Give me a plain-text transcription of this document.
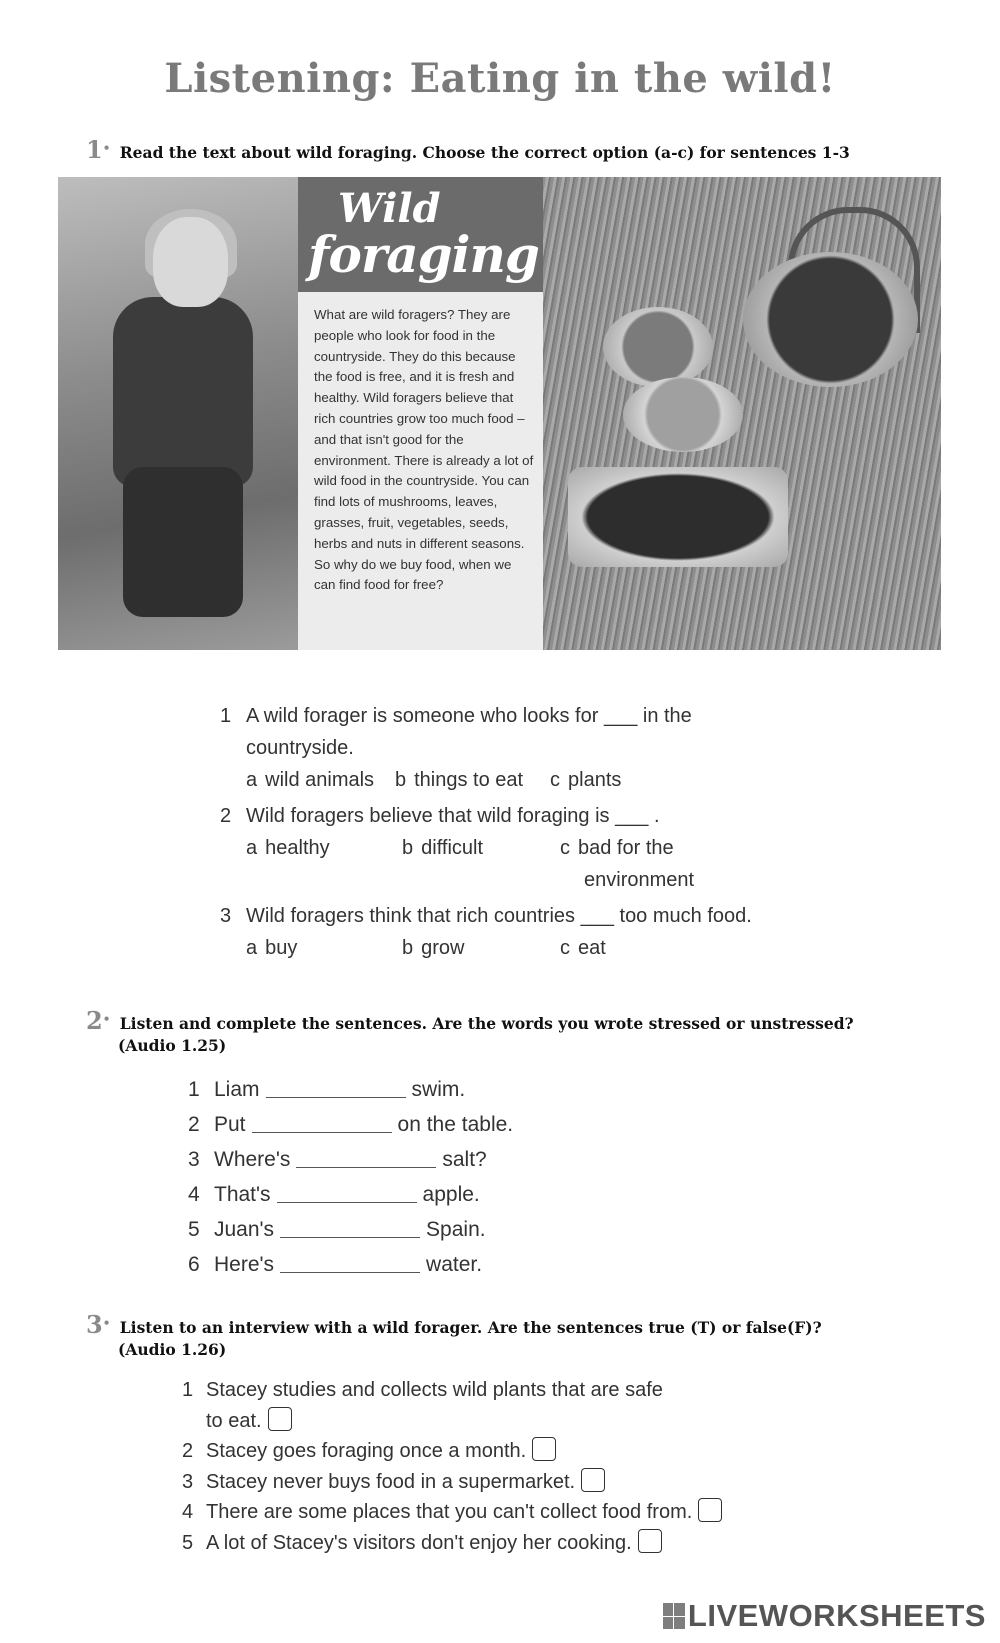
Listening: Eating in the wild!
1 • Read the text about wild foraging. Choose the correct option (a-c) for sentences 1-3
Wild
foraging
What are wild foragers? They are people who look for food in the countryside. They do this because the food is free, and it is fresh and healthy. Wild foragers believe that rich countries grow too much food – and that isn't good for the environment. There is already a lot of wild food in the countryside. You can find lots of mushrooms, leaves, grasses, fruit, vegetables, seeds, herbs and nuts in different seasons. So why do we buy food, when we can find food for free?
1 A wild forager is someone who looks for ___ in the
countryside.
a wild animals b things to eat c plants
2 Wild foragers believe that wild foraging is ___ .
a healthy	b difficult	c bad for the
environment
3 Wild foragers think that rich countries ___ too much food.
a buy	b grow	c eat
2 • Listen and complete the sentences. Are the words you wrote stressed or unstressed?
(Audio 1.25)
1 Liam	swim.
2 Put	on the table.
3 Where's	salt?
4 That's	apple.
5 Juan's	Spain.
6 Here's	water.
3 • Listen to an interview with a wild forager. Are the sentences true (T) or false(F)?
(Audio 1.26)
1 Stacey studies and collects wild plants that are safe
to eat.
2 Stacey goes foraging once a month.
3 Stacey never buys food in a supermarket.
4 There are some places that you can't collect food from.
5 A lot of Stacey's visitors don't enjoy her cooking.
LIVEWORKSHEETS
